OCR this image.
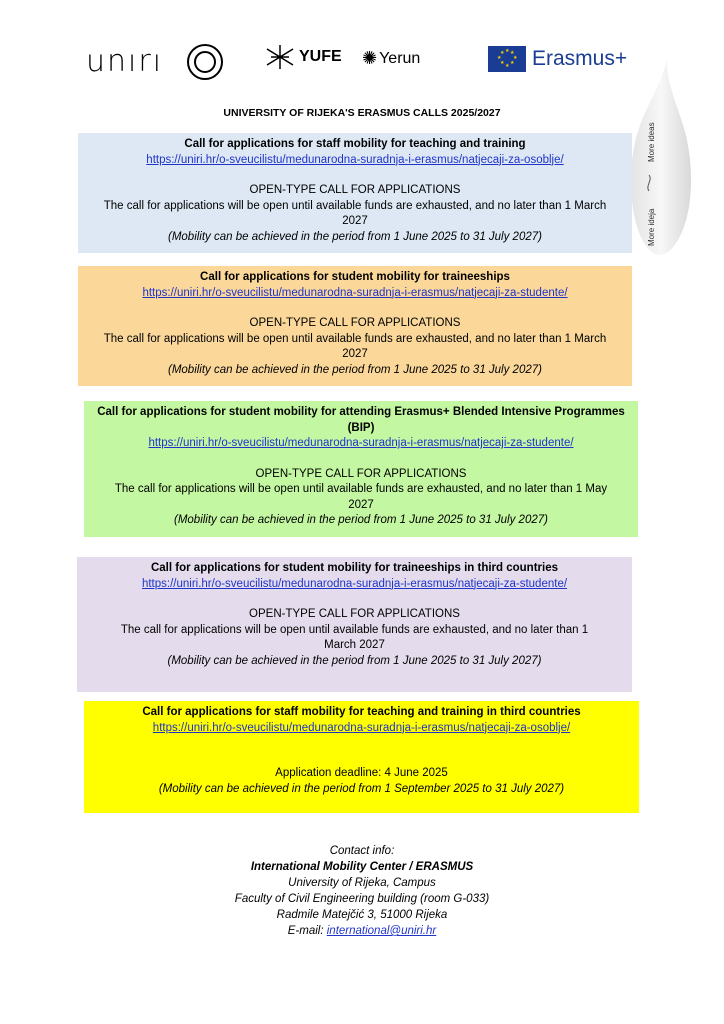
unırı	YUFE ✺ Yerun	★ ★
★
★
★
★
★
★ Erasmus+
More ideas
More ideja
UNIVERSITY OF RIJEKA'S ERASMUS CALLS 2025/2027
Call for applications for staff mobility for teaching and training
https://uniri.hr/o-sveucilistu/medunarodna-suradnja-i-erasmus/natjecaji-za-osoblje/
OPEN-TYPE CALL FOR APPLICATIONS
The call for applications will be open until available funds are exhausted, and no later than 1 March
2027
(Mobility can be achieved in the period from 1 June 2025 to 31 July 2027)
Call for applications for student mobility for traineeships
https://uniri.hr/o-sveucilistu/medunarodna-suradnja-i-erasmus/natjecaji-za-studente/
OPEN-TYPE CALL FOR APPLICATIONS
The call for applications will be open until available funds are exhausted, and no later than 1 March
2027
(Mobility can be achieved in the period from 1 June 2025 to 31 July 2027)
Call for applications for student mobility for attending Erasmus+ Blended Intensive Programmes
(BIP)
https://uniri.hr/o-sveucilistu/medunarodna-suradnja-i-erasmus/natjecaji-za-studente/
OPEN-TYPE CALL FOR APPLICATIONS
The call for applications will be open until available funds are exhausted, and no later than 1 May
2027
(Mobility can be achieved in the period from 1 June 2025 to 31 July 2027)
Call for applications for student mobility for traineeships in third countries
https://uniri.hr/o-sveucilistu/medunarodna-suradnja-i-erasmus/natjecaji-za-studente/
OPEN-TYPE CALL FOR APPLICATIONS
The call for applications will be open until available funds are exhausted, and no later than 1
March 2027
(Mobility can be achieved in the period from 1 June 2025 to 31 July 2027)
Call for applications for staff mobility for teaching and training in third countries
https://uniri.hr/o-sveucilistu/medunarodna-suradnja-i-erasmus/natjecaji-za-osoblje/
Application deadline: 4 June 2025
(Mobility can be achieved in the period from 1 September 2025 to 31 July 2027)
Contact info:
International Mobility Center / ERASMUS
University of Rijeka, Campus
Faculty of Civil Engineering building (room G-033)
Radmile Matejčić 3, 51000 Rijeka
E-mail: international@uniri.hr
